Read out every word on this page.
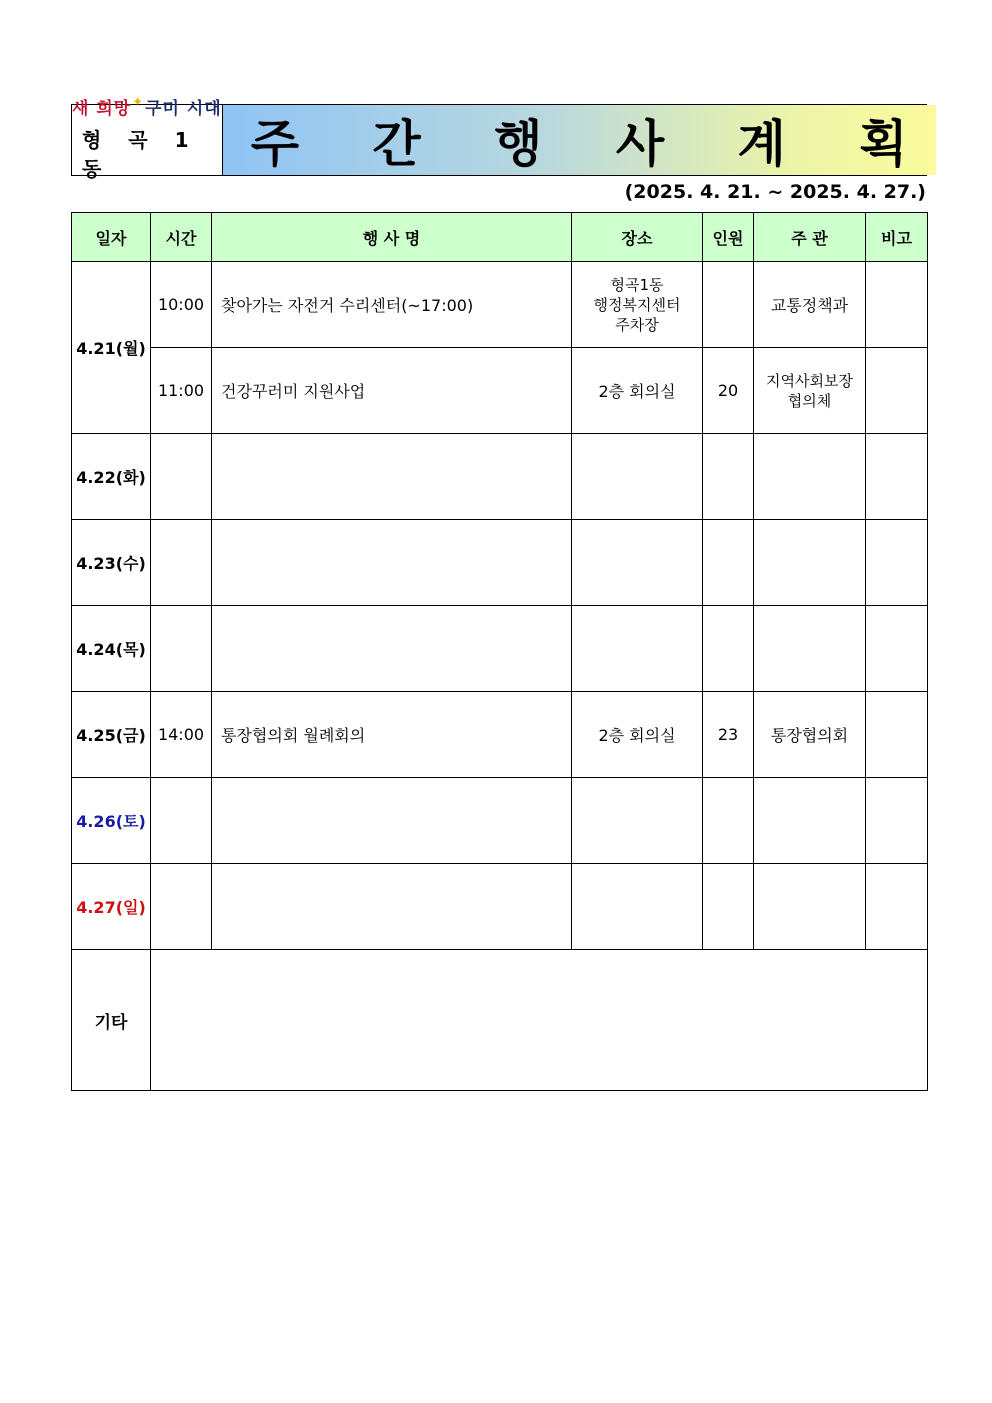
새 희망✦구미 시대
형 곡 1 동	주 간 행 사 계 획
(2025. 4. 21. ~ 2025. 4. 27.)
일자	시간	행 사 명	장소	인원	주 관	비고
4.21(월)	10:00	찾아가는 자전거 수리센터(~17:00)	형곡1동
행정복지센터
주차장		교통정책과	

	11:00	건강꾸러미 지원사업	2층 회의실	20	지역사회보장
협의체	

4.22(화)						
4.23(수)						
4.24(목)						
4.25(금)	14:00	통장협의회 월례회의	2층 회의실	23	통장협의회	

4.26(토)						
4.27(일)						
기타						
